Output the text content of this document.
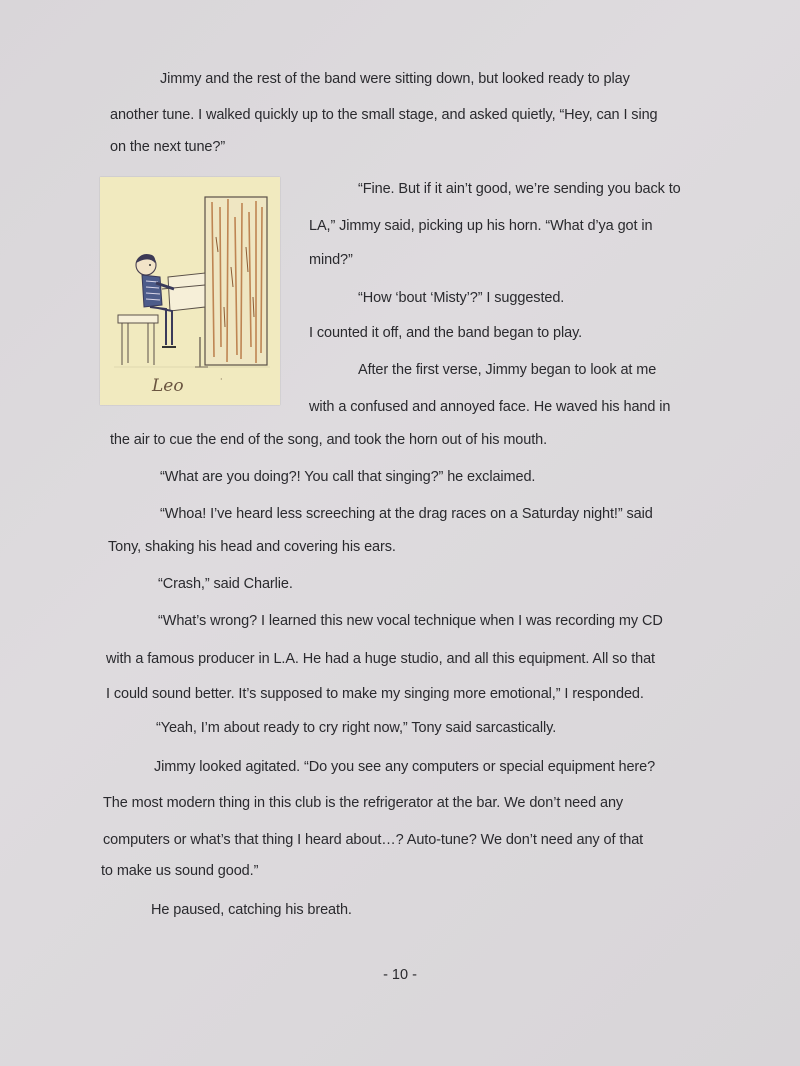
Jimmy and the rest of the band were sitting down, but looked ready to play
another tune. I walked quickly up to the small stage, and asked quietly, “Hey, can I sing
on the next tune?”
Leo	·
“Fine. But if it ain’t good, we’re sending you back to
LA,” Jimmy said, picking up his horn. “What d’ya got in
mind?”
“How ‘bout ‘Misty’?” I suggested.
I counted it off, and the band began to play.
After the first verse, Jimmy began to look at me
with a confused and annoyed face. He waved his hand in
the air to cue the end of the song, and took the horn out of his mouth.
“What are you doing?! You call that singing?” he exclaimed.
“Whoa! I’ve heard less screeching at the drag races on a Saturday night!” said
Tony, shaking his head and covering his ears.
“Crash,” said Charlie.
“What’s wrong? I learned this new vocal technique when I was recording my CD
with a famous producer in L.A. He had a huge studio, and all this equipment. All so that
I could sound better. It’s supposed to make my singing more emotional,” I responded.
“Yeah, I’m about ready to cry right now,” Tony said sarcastically.
Jimmy looked agitated. “Do you see any computers or special equipment here?
The most modern thing in this club is the refrigerator at the bar. We don’t need any
computers or what’s that thing I heard about…? Auto-tune? We don’t need any of that
to make us sound good.”
He paused, catching his breath.
- 10 -
